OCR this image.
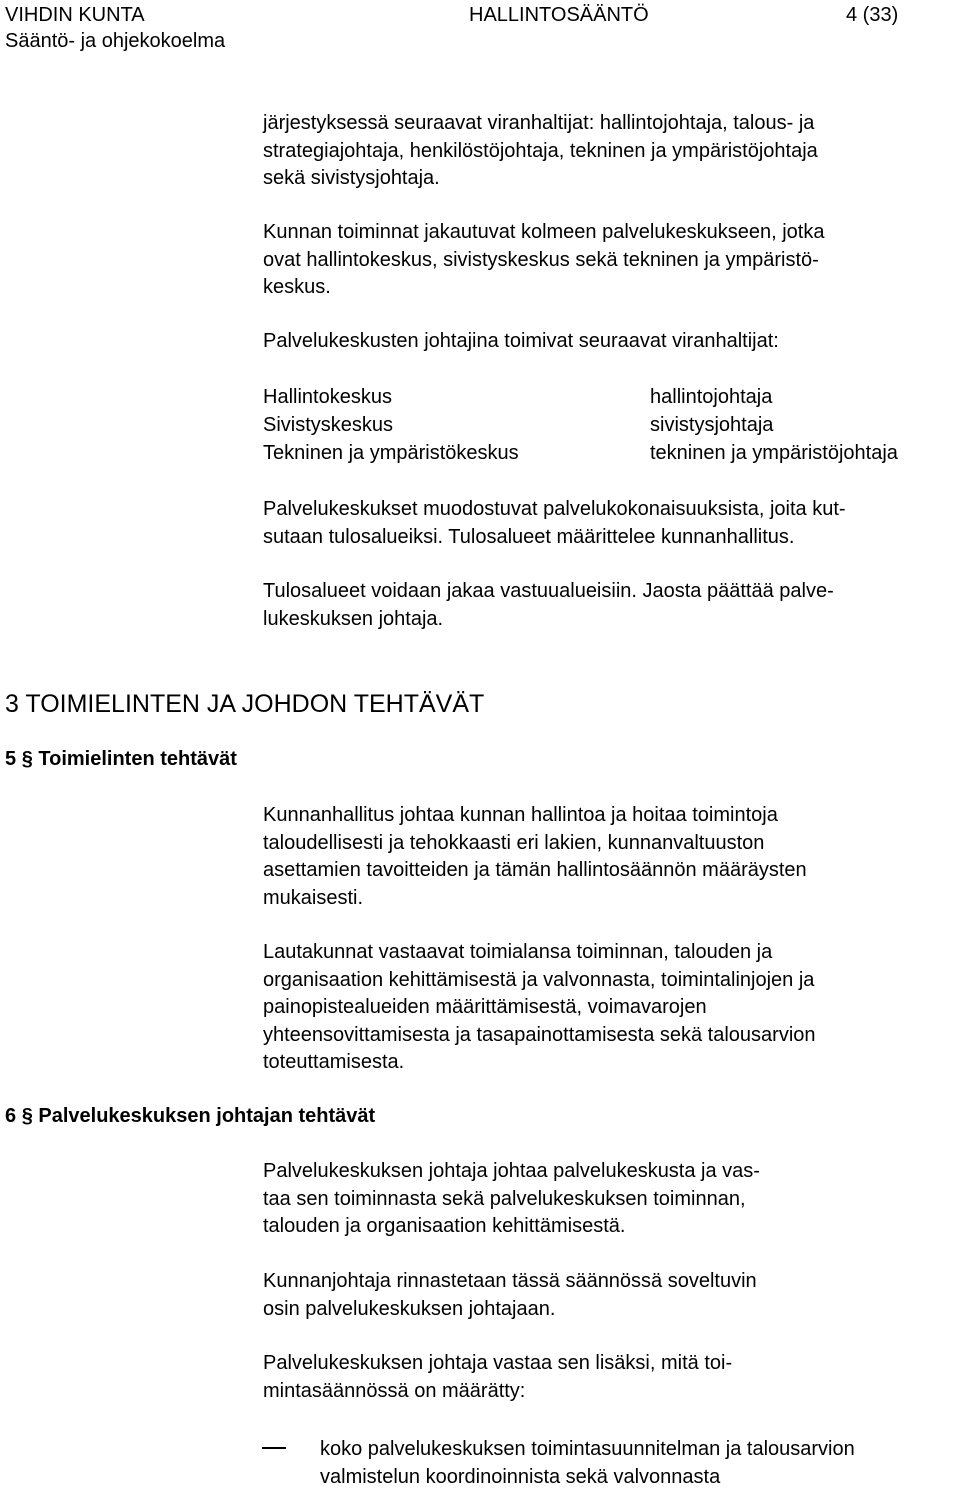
VIHDIN KUNTA
Sääntö- ja ohjekokoelma
HALLINTOSÄÄNTÖ	4 (33)
järjestyksessä seuraavat viranhaltijat: hallintojohtaja, talous- ja
strategiajohtaja, henkilöstöjohtaja, tekninen ja ympäristöjohtaja
sekä sivistysjohtaja.
Kunnan toiminnat jakautuvat kolmeen palvelukeskukseen, jotka
ovat hallintokeskus, sivistyskeskus sekä tekninen ja ympäristö-
keskus.
Palvelukeskusten johtajina toimivat seuraavat viranhaltijat:
Hallintokeskus	hallintojohtaja
Sivistyskeskus	sivistysjohtaja
Tekninen ja ympäristökeskus	tekninen ja ympäristöjohtaja
Palvelukeskukset muodostuvat palvelukokonaisuuksista, joita kut-
sutaan tulosalueiksi. Tulosalueet määrittelee kunnanhallitus.
Tulosalueet voidaan jakaa vastuualueisiin. Jaosta päättää palve-
lukeskuksen johtaja.
3 TOIMIELINTEN JA JOHDON TEHTÄVÄT
5 § Toimielinten tehtävät
Kunnanhallitus johtaa kunnan hallintoa ja hoitaa toimintoja
taloudellisesti ja tehokkaasti eri lakien, kunnanvaltuuston
asettamien tavoitteiden ja tämän hallintosäännön määräysten
mukaisesti.
Lautakunnat vastaavat toimialansa toiminnan, talouden ja
organisaation kehittämisestä ja valvonnasta, toimintalinjojen ja
painopistealueiden määrittämisestä, voimavarojen
yhteensovittamisesta ja tasapainottamisesta sekä talousarvion
toteuttamisesta.
6 § Palvelukeskuksen johtajan tehtävät
Palvelukeskuksen johtaja johtaa palvelukeskusta ja vas-
taa sen toiminnasta sekä palvelukeskuksen toiminnan,
talouden ja organisaation kehittämisestä.
Kunnanjohtaja rinnastetaan tässä säännössä soveltuvin
osin palvelukeskuksen johtajaan.
Palvelukeskuksen johtaja vastaa sen lisäksi, mitä toi-
mintasäännössä on määrätty:
koko palvelukeskuksen toimintasuunnitelman ja talousarvion
valmistelun koordinoinnista sekä valvonnasta
